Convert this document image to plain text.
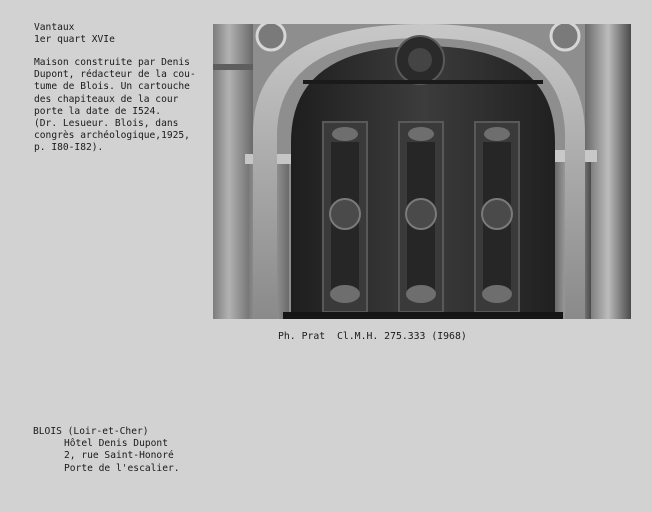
Vantaux
1er quart XVIe
Maison construite par Denis
Dupont, rédacteur de la cou-
tume de Blois. Un cartouche
des chapiteaux de la cour
porte la date de I524.
(Dr. Lesueur. Blois, dans
congrès archéologique,1925,
p. I80-I82).
Ph. Prat  Cl.M.H. 275.333 (I968)
BLOIS (Loir-et-Cher)
Hôtel Denis Dupont
2, rue Saint-Honoré
Porte de l'escalier.
